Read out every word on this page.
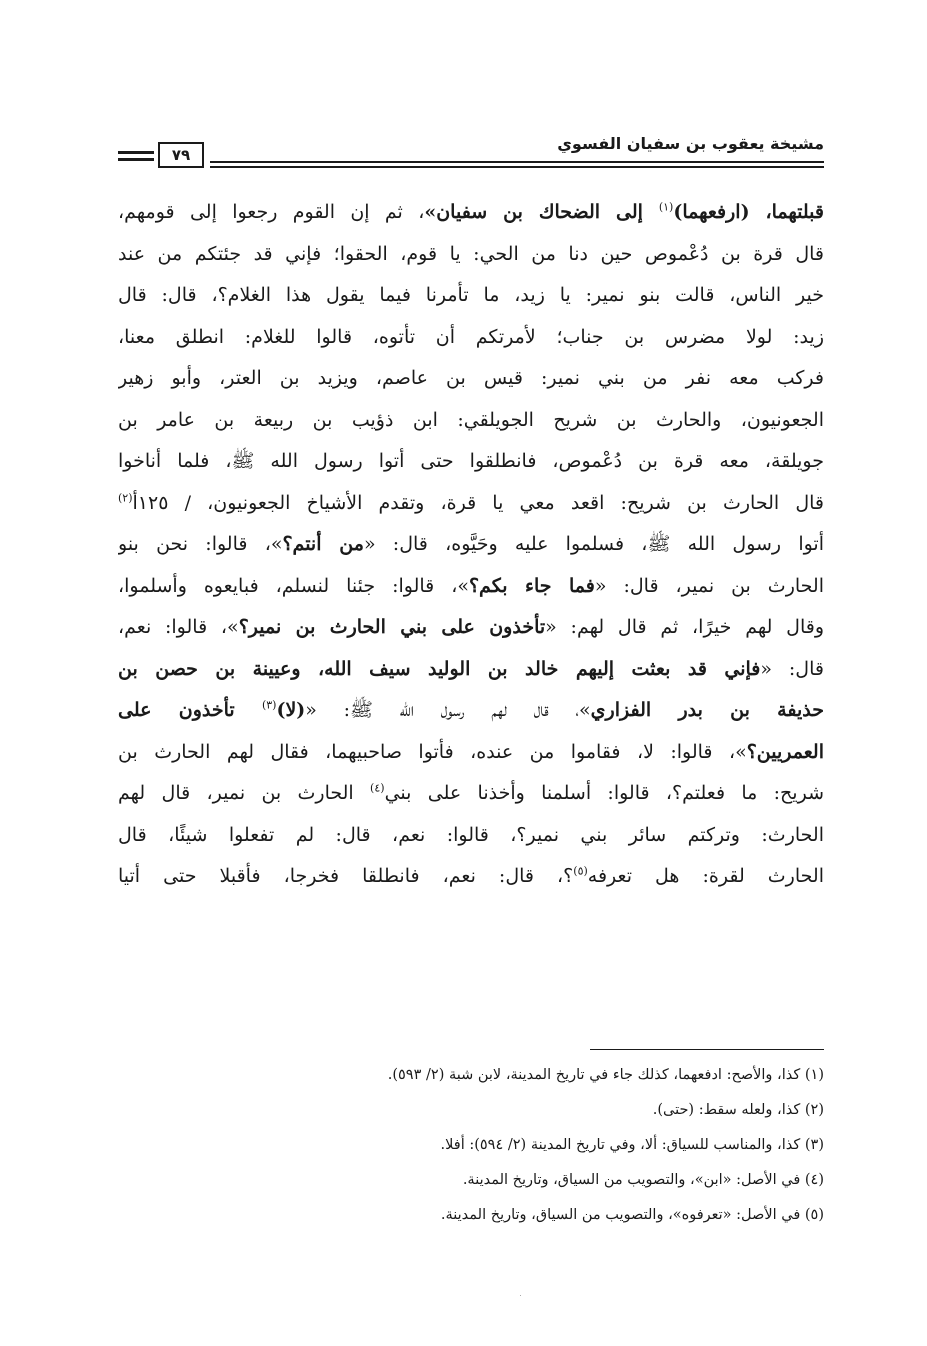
مشيخة يعقوب بن سفيان الفسوي
٧٩
قبلتهما، (ارفعهما)$^{(١)}$ إلى الضحاك بن سفيان»، ثم إن القوم رجعوا إلى قومهم،
قال قرة بن دُعْموص حين دنا من الحي: يا قوم، الحقوا؛ فإني قد جئتكم من عند
خير الناس، قالت بنو نمير: يا زيد، ما تأمرنا فيما يقول هذا الغلام؟، قال: قال
زيد: لولا مضرس بن جناب؛ لأمرتكم أن تأتوه، قالوا للغلام: انطلق معنا،
فركب معه نفر من بني نمير: قيس بن عاصم، ويزيد بن العتر، وأبو زهير
الجعونيون، والحارث بن شريح الجويلقي: ابن ذؤيب بن ربيعة بن عامر بن
جويلقة، معه قرة بن دُعْموص، فانطلقوا حتى أتوا رسول الله ﷺ، فلما أناخوا
قال الحارث بن شريح: اقعد معي يا قرة، وتقدم الأشياخ الجعونيون، / ١٢٥أ$^{(٢)}$
أتوا رسول الله ﷺ، فسلموا عليه وحَيَّوه، قال: «من أنتم؟»، قالوا: نحن بنو
الحارث بن نمير، قال: «فما جاء بكم؟»، قالوا: جئنا لنسلم، فبايعوه وأسلموا،
وقال لهم خيرًا، ثم قال لهم: «تأخذون على بني الحارث بن نمير؟»، قالوا: نعم،
قال: «فإني قد بعثت إليهم خالد بن الوليد سيف الله، وعيينة بن حصن بن
حذيفة بن بدر الفزاري»، قال لهم رسول الله ﷺ: «(لا)$^{(٣)}$ تأخذون على
العمريين؟»، قالوا: لا، فقاموا من عنده، فأتوا صاحبيهما، فقال لهم الحارث بن
شريح: ما فعلتم؟، قالوا: أسلمنا وأخذنا على بني$^{(٤)}$ الحارث بن نمير، قال لهم
الحارث: وتركتم سائر بني نمير؟، قالوا: نعم، قال: لم تفعلوا شيئًا، قال
الحارث لقرة: هل تعرفه$^{(٥)}$؟، قال: نعم، فانطلقا فخرجا، فأقبلا حتى أتيا
(١) كذا، والأصح: ادفعهما، كذلك جاء في تاريخ المدينة، لابن شبة (٢/ ٥٩٣).
(٢) كذا، ولعله سقط: (حتى).
(٣) كذا، والمناسب للسياق: ألا، وفي تاريخ المدينة (٢/ ٥٩٤): أفلا.
(٤) في الأصل: «ابن»، والتصويب من السياق، وتاريخ المدينة.
(٥) في الأصل: «تعرفوه»، والتصويب من السياق، وتاريخ المدينة.
